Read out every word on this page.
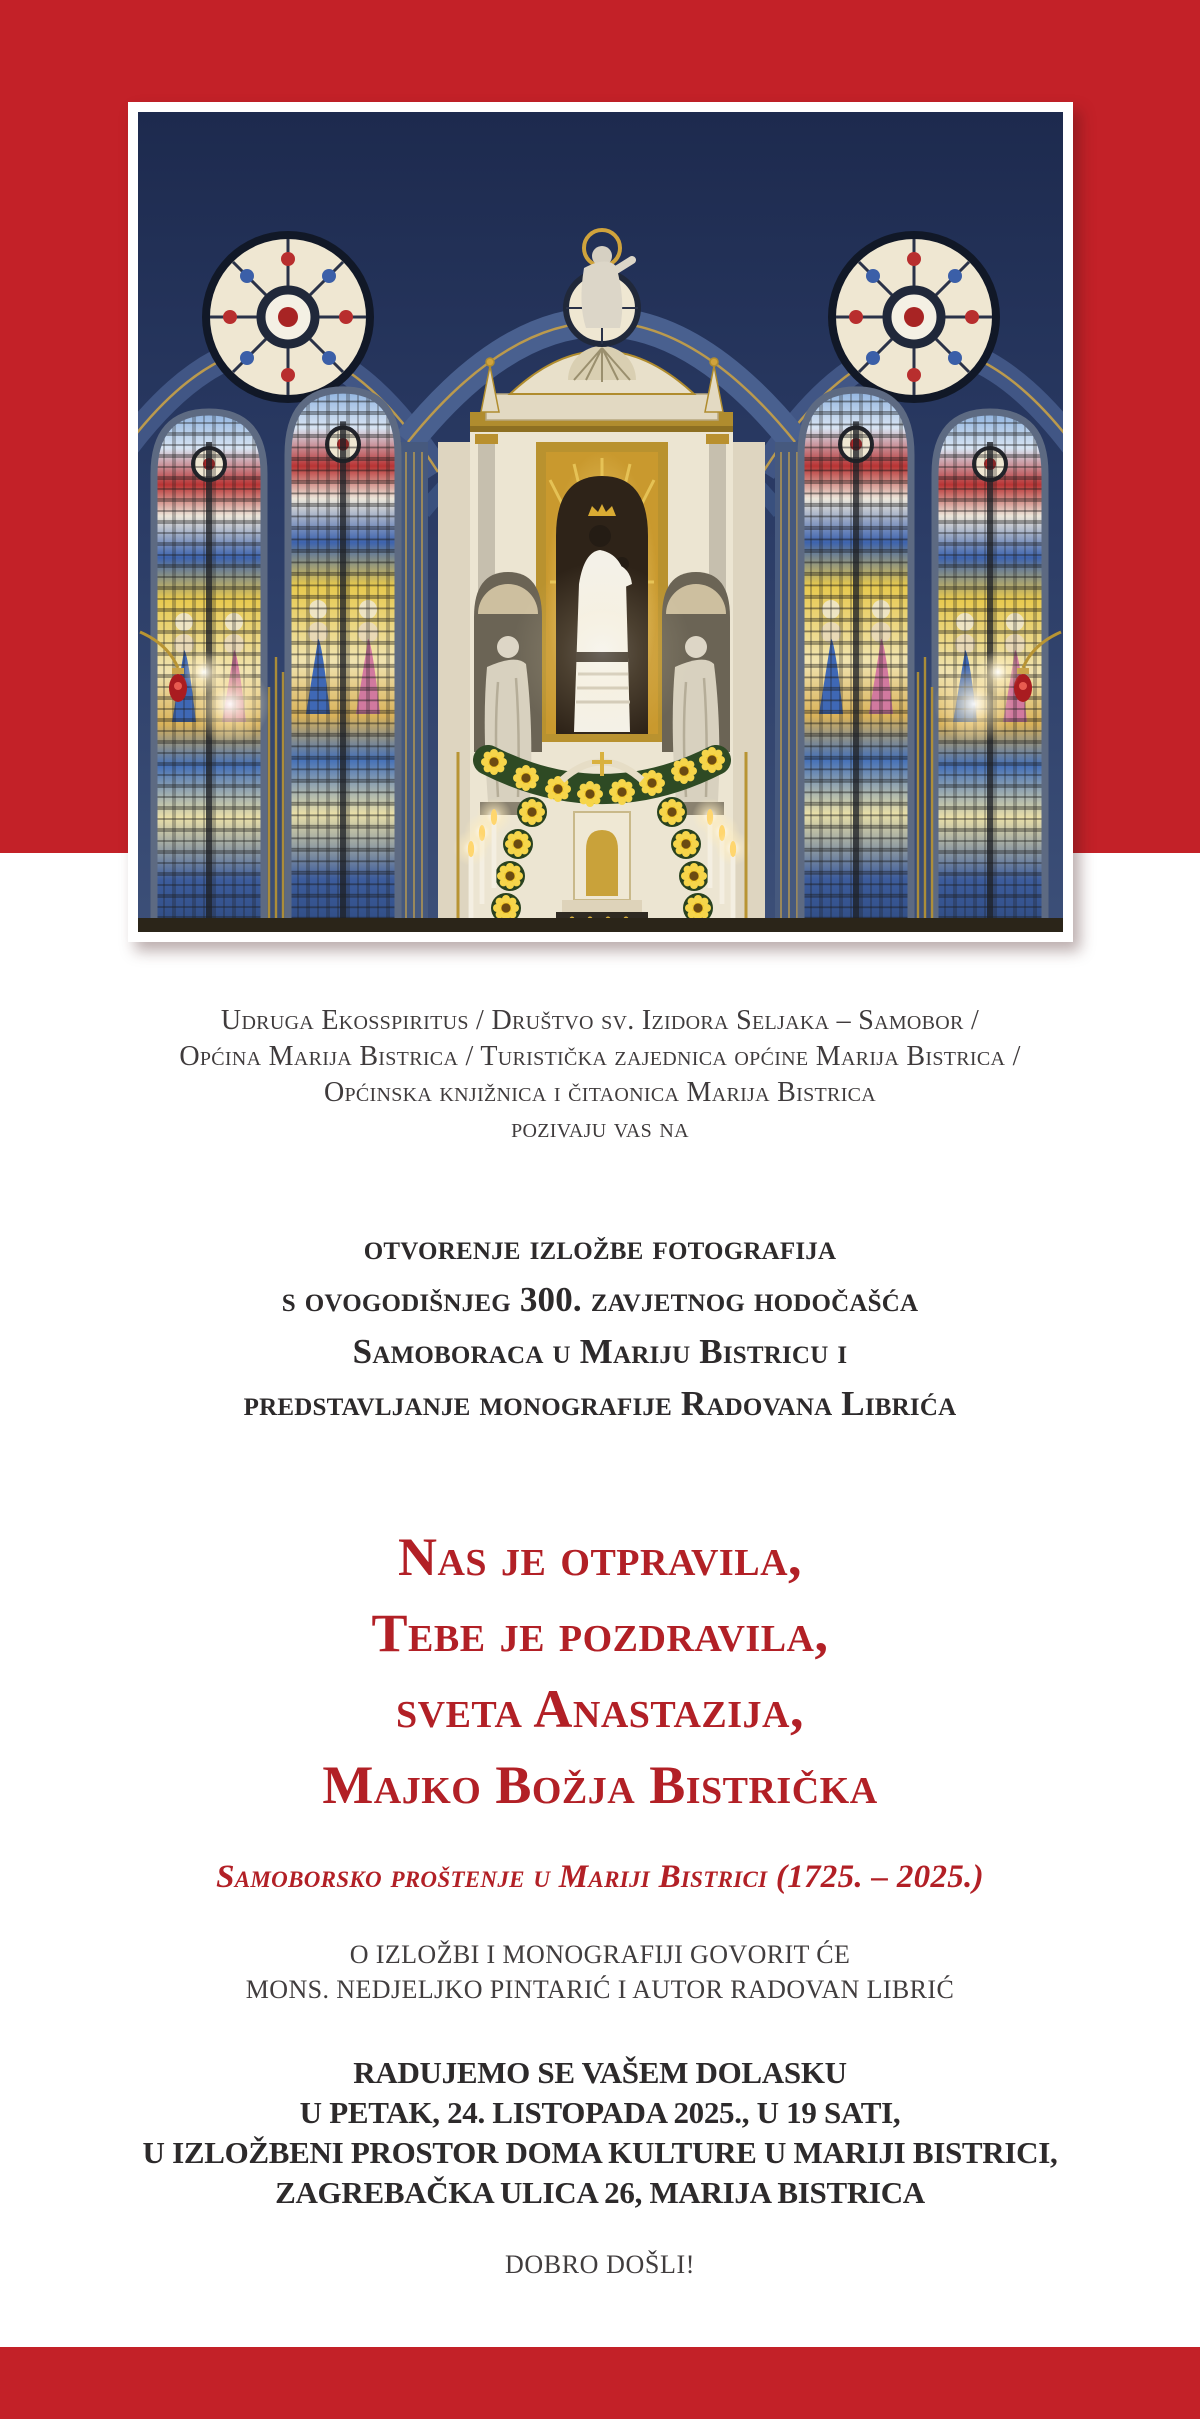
Udruga Ekosspiritus / Društvo sv. Izidora Seljaka – Samobor /
Općina Marija Bistrica / Turistička zajednica općine Marija Bistrica /
Općinska knjižnica i čitaonica Marija Bistrica
pozivaju vas na
otvorenje izložbe fotografija
s ovogodišnjeg 300. zavjetnog hodočašća
Samoboraca u Mariju Bistricu i
predstavljanje monografije Radovana Librića
Nas je otpravila,
Tebe je pozdravila,
sveta Anastazija,
Majko Božja Bistrička
Samoborsko proštenje u Mariji Bistrici (1725. – 2025.)
O IZLOŽBI I MONOGRAFIJI GOVORIT ĆE
MONS. NEDJELJKO PINTARIĆ I AUTOR RADOVAN LIBRIĆ
RADUJEMO SE VAŠEM DOLASKU
U PETAK, 24. LISTOPADA 2025., U 19 SATI,
U IZLOŽBENI PROSTOR DOMA KULTURE U MARIJI BISTRICI,
ZAGREBAČKA ULICA 26, MARIJA BISTRICA
DOBRO DOŠLI!
